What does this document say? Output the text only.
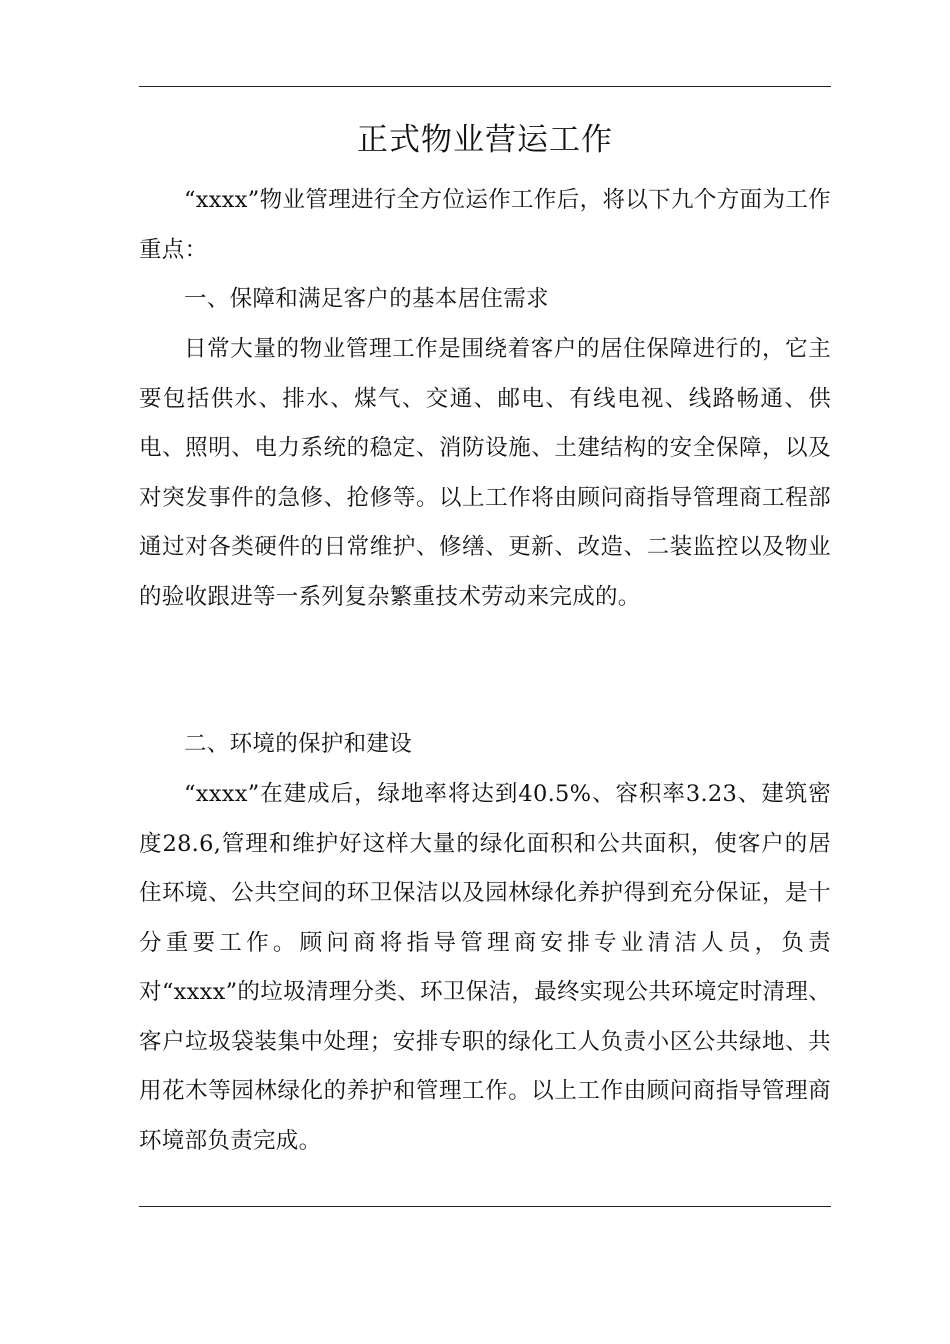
正式物业营运工作

“xxxx”物业管理进行全方位运作工作后，将以下九个方面为工作重点：

一、保障和满足客户的基本居住需求

日常大量的物业管理工作是围绕着客户的居住保障进行的，它主要包括供水、排水、煤气、交通、邮电、有线电视、线路畅通、供电、照明、电力系统的稳定、消防设施、土建结构的安全保障，以及对突发事件的急修、抢修等。以上工作将由顾问商指导管理商工程部通过对各类硬件的日常维护、修缮、更新、改造、二装监控以及物业的验收跟进等一系列复杂繁重技术劳动来完成的。

二、环境的保护和建设

“xxxx”在建成后，绿地率将达到40.5%、容积率3.23、建筑密度28.6,管理和维护好这样大量的绿化面积和公共面积，使客户的居住环境、公共空间的环卫保洁以及园林绿化养护得到充分保证，是十分重要工作。顾问商将指导管理商安排专业清洁人员，负责对“xxxx”的垃圾清理分类、环卫保洁，最终实现公共环境定时清理、客户垃圾袋装集中处理；安排专职的绿化工人负责小区公共绿地、共用花木等园林绿化的养护和管理工作。以上工作由顾问商指导管理商环境部负责完成。
